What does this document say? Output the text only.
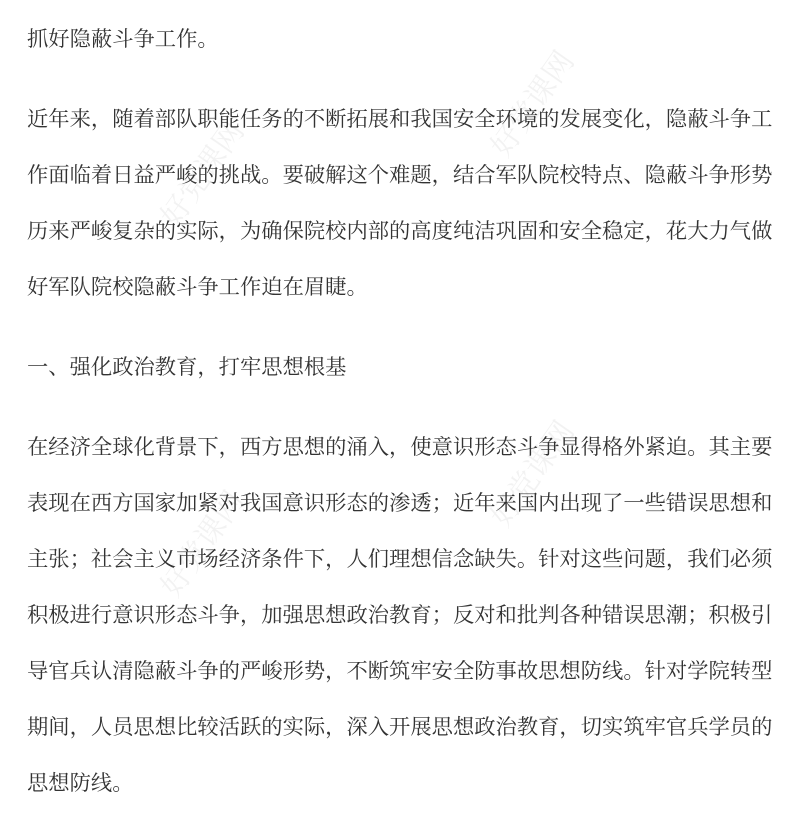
好党课网
好党课网
好党课网
好党课网
抓好隐蔽斗争工作。
近年来，随着部队职能任务的不断拓展和我国安全环境的发展变化，隐蔽斗争工
作面临着日益严峻的挑战。要破解这个难题，结合军队院校特点、隐蔽斗争形势
历来严峻复杂的实际，为确保院校内部的高度纯洁巩固和安全稳定，花大力气做
好军队院校隐蔽斗争工作迫在眉睫。
一、强化政治教育，打牢思想根基
在经济全球化背景下，西方思想的涌入，使意识形态斗争显得格外紧迫。其主要
表现在西方国家加紧对我国意识形态的渗透；近年来国内出现了一些错误思想和
主张；社会主义市场经济条件下，人们理想信念缺失。针对这些问题，我们必须
积极进行意识形态斗争，加强思想政治教育；反对和批判各种错误思潮；积极引
导官兵认清隐蔽斗争的严峻形势，不断筑牢安全防事故思想防线。针对学院转型
期间，人员思想比较活跃的实际，深入开展思想政治教育，切实筑牢官兵学员的
思想防线。
